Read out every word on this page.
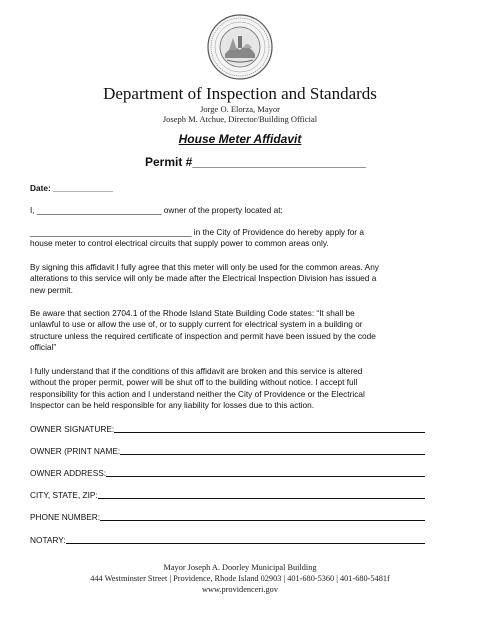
Department of Inspection and Standards
Jorge O. Elorza, Mayor
Joseph M. Atchue, Director/Building Official
House Meter Affidavit
Permit #__________________________
Date: _____________
I, ___________________________ owner of the property located at:
___________________________________ in the City of Providence do hereby apply for a
house meter to control electrical circuits that supply power to common areas only.
By signing this affidavit I fully agree that this meter will only be used for the common areas. Any
alterations to this service will only be made after the Electrical Inspection Division has issued a
new permit.
Be aware that section 2704.1 of the Rhode Island State Building Code states: “It shall be
unlawful to use or allow the use of, or to supply current for electrical system in a building or
structure unless the required certificate of inspection and permit have been issued by the code
official”
I fully understand that if the conditions of this affidavit are broken and this service is altered
without the proper permit, power will be shut off to the building without notice. I accept full
responsibility for this action and I understand neither the City of Providence or the Electrical
Inspector can be held responsible for any liability for losses due to this action.
OWNER SIGNATURE:
OWNER (PRINT NAME:
OWNER ADDRESS:
CITY, STATE, ZIP:
PHONE NUMBER:
NOTARY:
Mayor Joseph A. Doorley Municipal Building
444 Westminster Street | Providence, Rhode Island 02903 | 401-680-5360 | 401-680-5481f
www.providenceri.gov
